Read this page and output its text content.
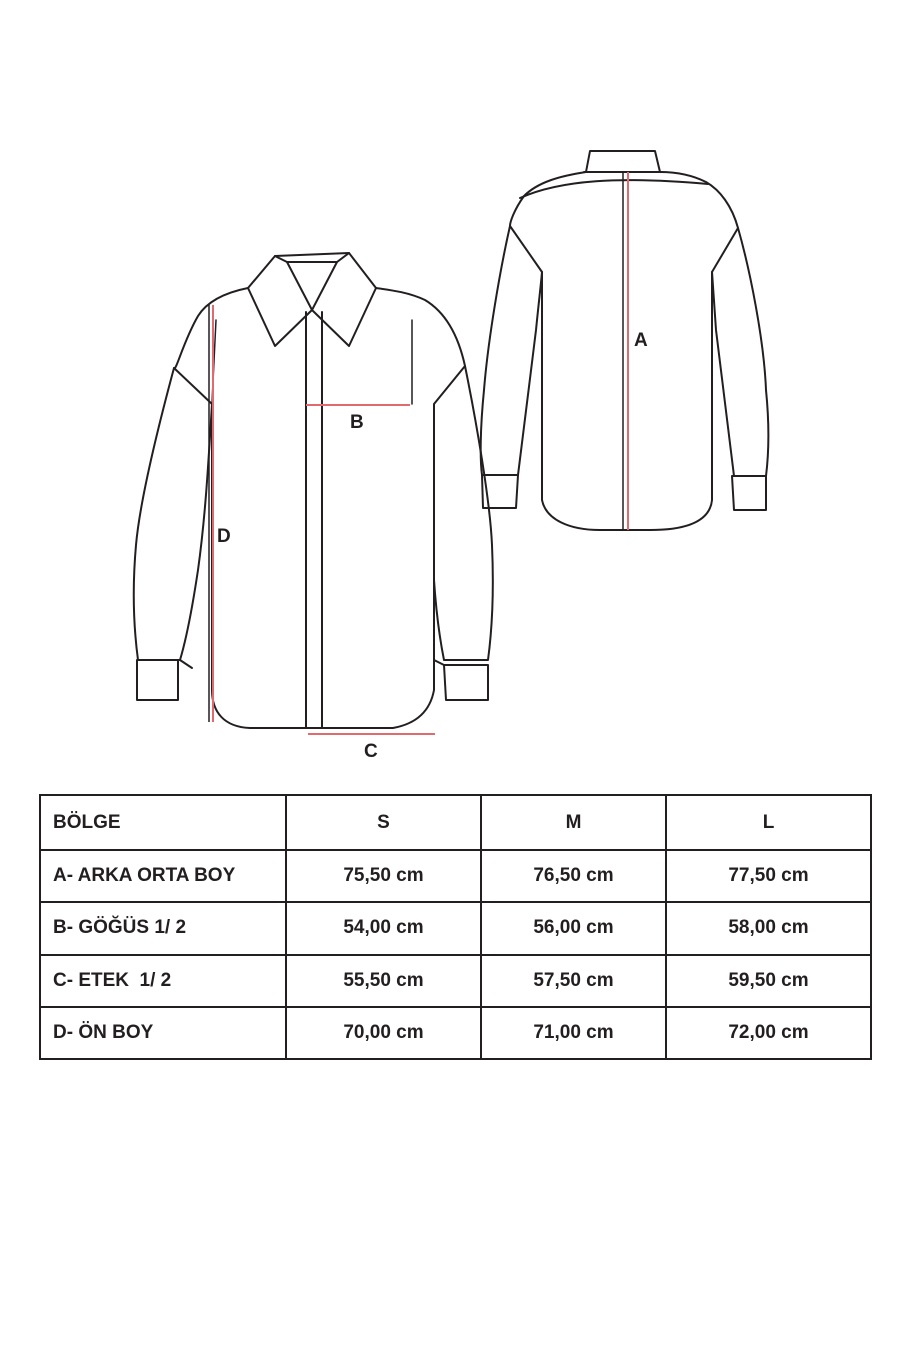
A
B
C
D
BÖLGE	S	M	L
A- ARKA ORTA BOY	75,50 cm	76,50 cm	77,50 cm
B- GÖĞÜS 1/ 2	54,00 cm	56,00 cm	58,00 cm
C- ETEK  1/ 2	55,50 cm	57,50 cm	59,50 cm
D- ÖN BOY	70,00 cm	71,00 cm	72,00 cm
